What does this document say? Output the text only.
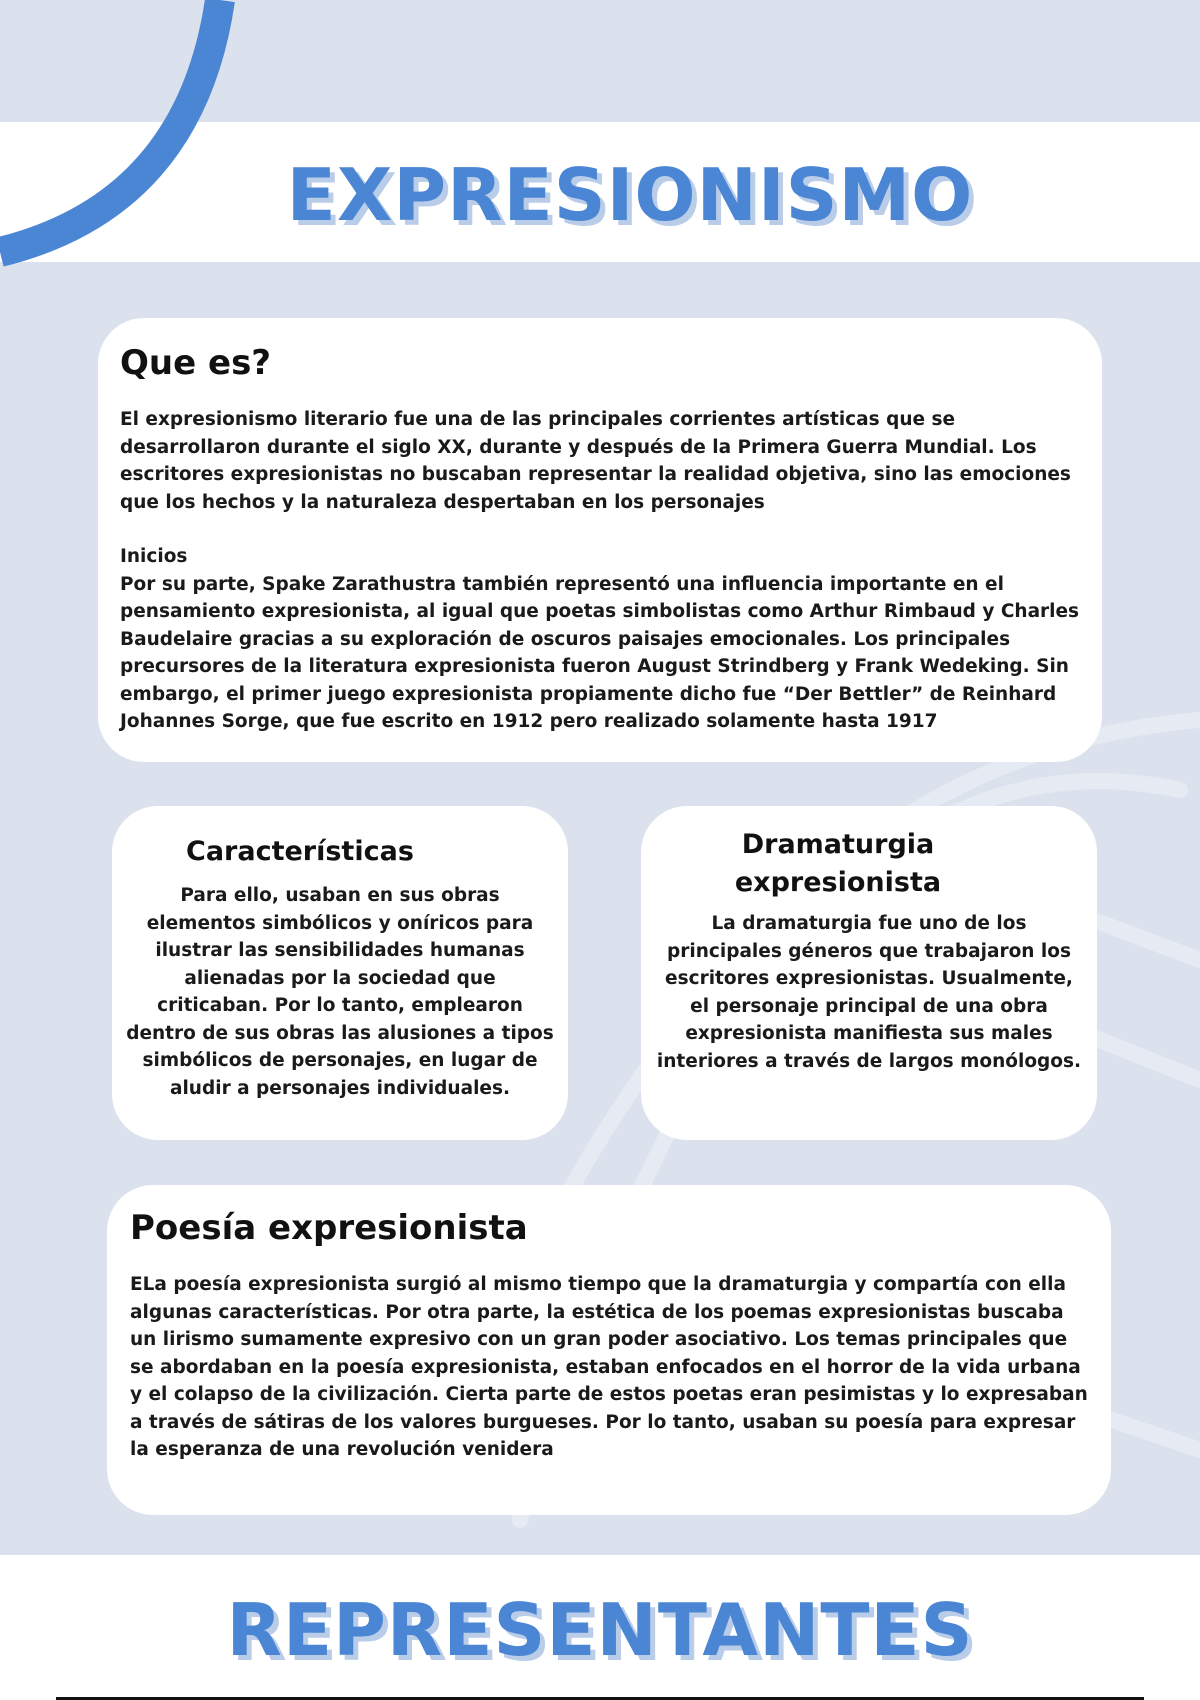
EXPRESIONISMO
Que es?

El expresionismo literario fue una de las principales corrientes artísticas que se desarrollaron durante el siglo XX, durante y después de la Primera Guerra Mundial. Los escritores expresionistas no buscaban representar la realidad objetiva, sino las emociones que los hechos y la naturaleza despertaban en los personajes

Inicios

Por su parte, Spake Zarathustra también representó una influencia importante en el pensamiento expresionista, al igual que poetas simbolistas como Arthur Rimbaud y Charles Baudelaire gracias a su exploración de oscuros paisajes emocionales. Los principales precursores de la literatura expresionista fueron August Strindberg y Frank Wedeking. Sin embargo, el primer juego expresionista propiamente dicho fue “Der Bettler” de Reinhard Johannes Sorge, que fue escrito en 1912 pero realizado solamente hasta 1917

Características

Para ello, usaban en sus obras elementos simbólicos y oníricos para ilustrar las sensibilidades humanas alienadas por la sociedad que criticaban. Por lo tanto, emplearon dentro de sus obras las alusiones a tipos simbólicos de personajes, en lugar de aludir a personajes individuales.

Dramaturgia expresionista

La dramaturgia fue uno de los principales géneros que trabajaron los escritores expresionistas. Usualmente, el personaje principal de una obra expresionista manifiesta sus males interiores a través de largos monólogos.

Poesía expresionista

ELa poesía expresionista surgió al mismo tiempo que la dramaturgia y compartía con ella algunas características. Por otra parte, la estética de los poemas expresionistas buscaba un lirismo sumamente expresivo con un gran poder asociativo. Los temas principales que se abordaban en la poesía expresionista, estaban enfocados en el horror de la vida urbana y el colapso de la civilización. Cierta parte de estos poetas eran pesimistas y lo expresaban a través de sátiras de los valores burgueses. Por lo tanto, usaban su poesía para expresar la esperanza de una revolución venidera

REPRESENTANTES
